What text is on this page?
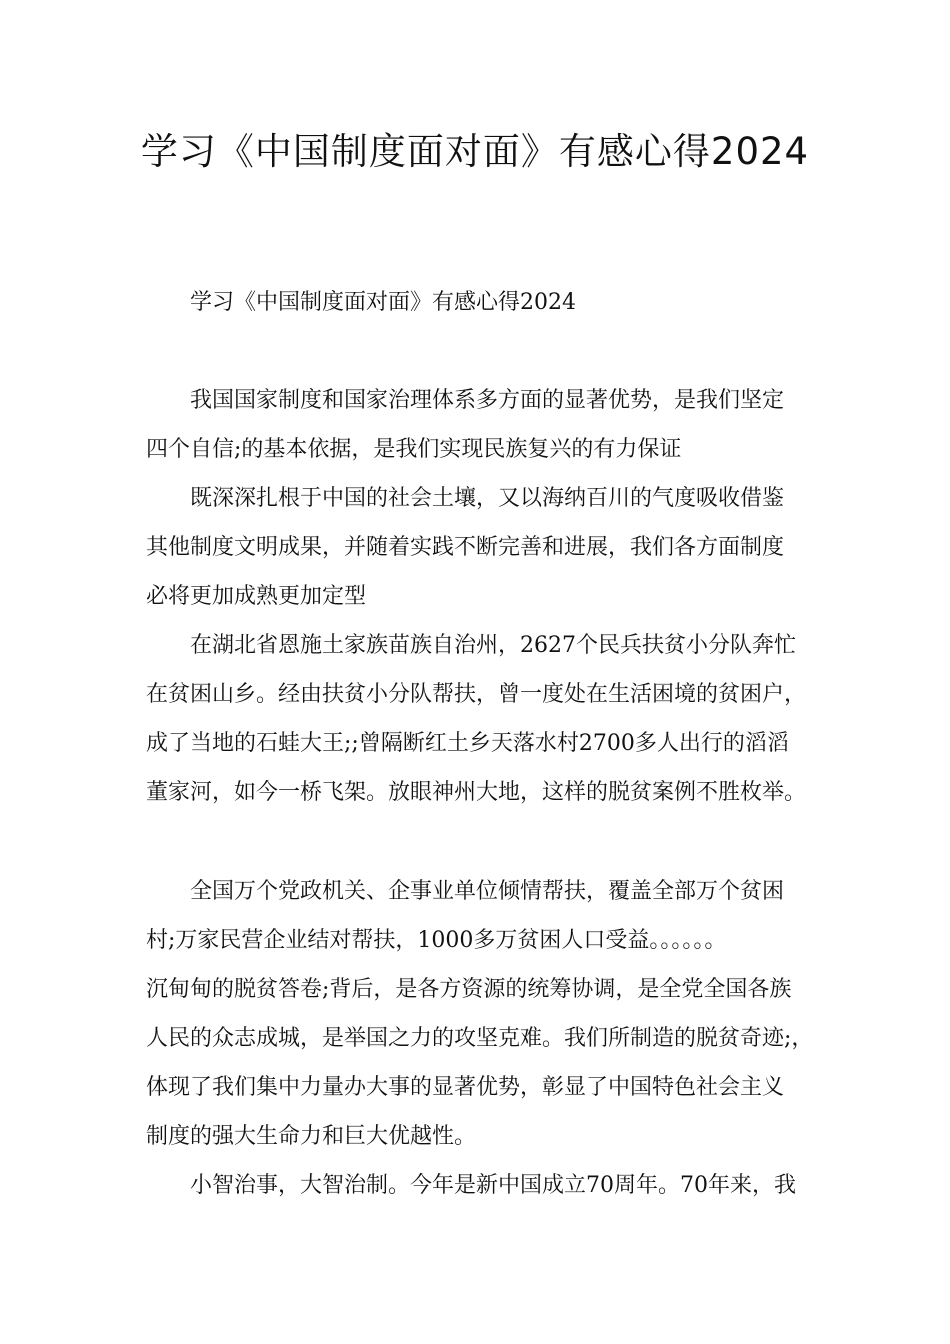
学习《中国制度面对面》有感心得2024

学习《中国制度面对面》有感心得2024

我国国家制度和国家治理体系多方面的显著优势，是我们坚定
四个自信;的基本依据，是我们实现民族复兴的有力保证

既深深扎根于中国的社会土壤，又以海纳百川的气度吸收借鉴
其他制度文明成果，并随着实践不断完善和进展，我们各方面制度
必将更加成熟更加定型

在湖北省恩施土家族苗族自治州，2627个民兵扶贫小分队奔忙
在贫困山乡。经由扶贫小分队帮扶，曾一度处在生活困境的贫困户，
成了当地的石蛙大王;;曾隔断红土乡天落水村2700多人出行的滔滔
董家河，如今一桥飞架。放眼神州大地，这样的脱贫案例不胜枚举。

全国万个党政机关、企事业单位倾情帮扶，覆盖全部万个贫困
村;万家民营企业结对帮扶，1000多万贫困人口受益。。。。。。
沉甸甸的脱贫答卷;背后，是各方资源的统筹协调，是全党全国各族
人民的众志成城，是举国之力的攻坚克难。我们所制造的脱贫奇迹;，
体现了我们集中力量办大事的显著优势，彰显了中国特色社会主义
制度的强大生命力和巨大优越性。

小智治事，大智治制。今年是新中国成立70周年。70年来，我
